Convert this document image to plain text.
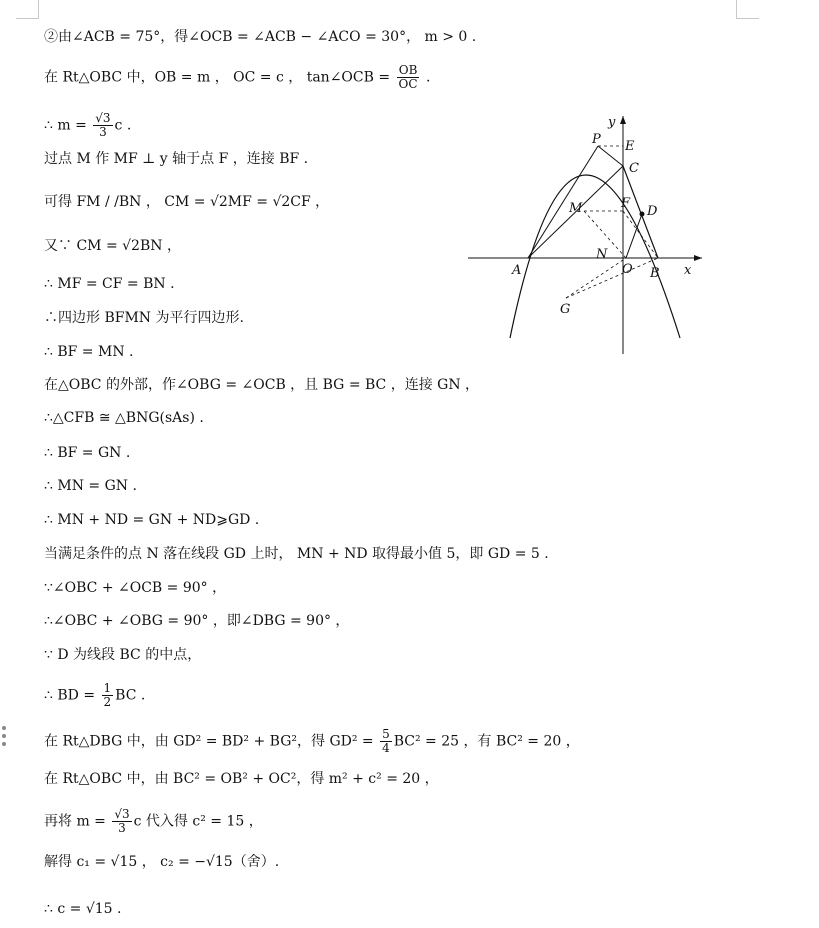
②由∠ACB = 75°，得∠OCB = ∠ACB − ∠ACO = 30°， m > 0 .
在 Rt△OBC 中，OB = m ， OC = c ， tan∠OCB = $\frac{OB}{OC}$ .
∴ $m = \frac{√3}{3}$ c .
过点 M 作 MF ⊥ y 轴于点 F ，连接 BF .
可得 FM / /BN ， CM = √2MF = √2CF ，
又∵ CM = √2BN ，
∴ MF = CF = BN .
∴四边形 BFMN 为平行四边形.
∴ BF = MN .
在△OBC 的外部，作∠OBG = ∠OCB ，且 BG = BC ，连接 GN ，
∴△CFB ≅ △BNG(sAs) .
∴ BF = GN .
∴ MN = GN .
∴ MN + ND = GN + ND⩾GD .
当满足条件的点 N 落在线段 GD 上时， MN + ND 取得最小值 5，即 GD = 5 .
∵∠OBC + ∠OCB = 90° ，
∴∠OBC + ∠OBG = 90° ，即∠DBG = 90° ，
∵ D 为线段 BC 的中点，
∴ BD = $\frac{1}{2}$ BC .
在 Rt△DBG 中，由 GD² = BD² + BG²，得 $GD^2 = \frac{5}{4} BC^2 = 25$ ，有 BC² = 20 ，
在 Rt△OBC 中，由 BC² = OB² + OC²，得 m² + c² = 20 ，
再将 $m = \frac{√3}{3}$ c 代入得 c² = 15 ，
解得 c₁ = √15 ， c₂ = −√15（舍）.
∴ c = √15 .
y
x
P E
C
M	F
D
N
O
A	B
G
